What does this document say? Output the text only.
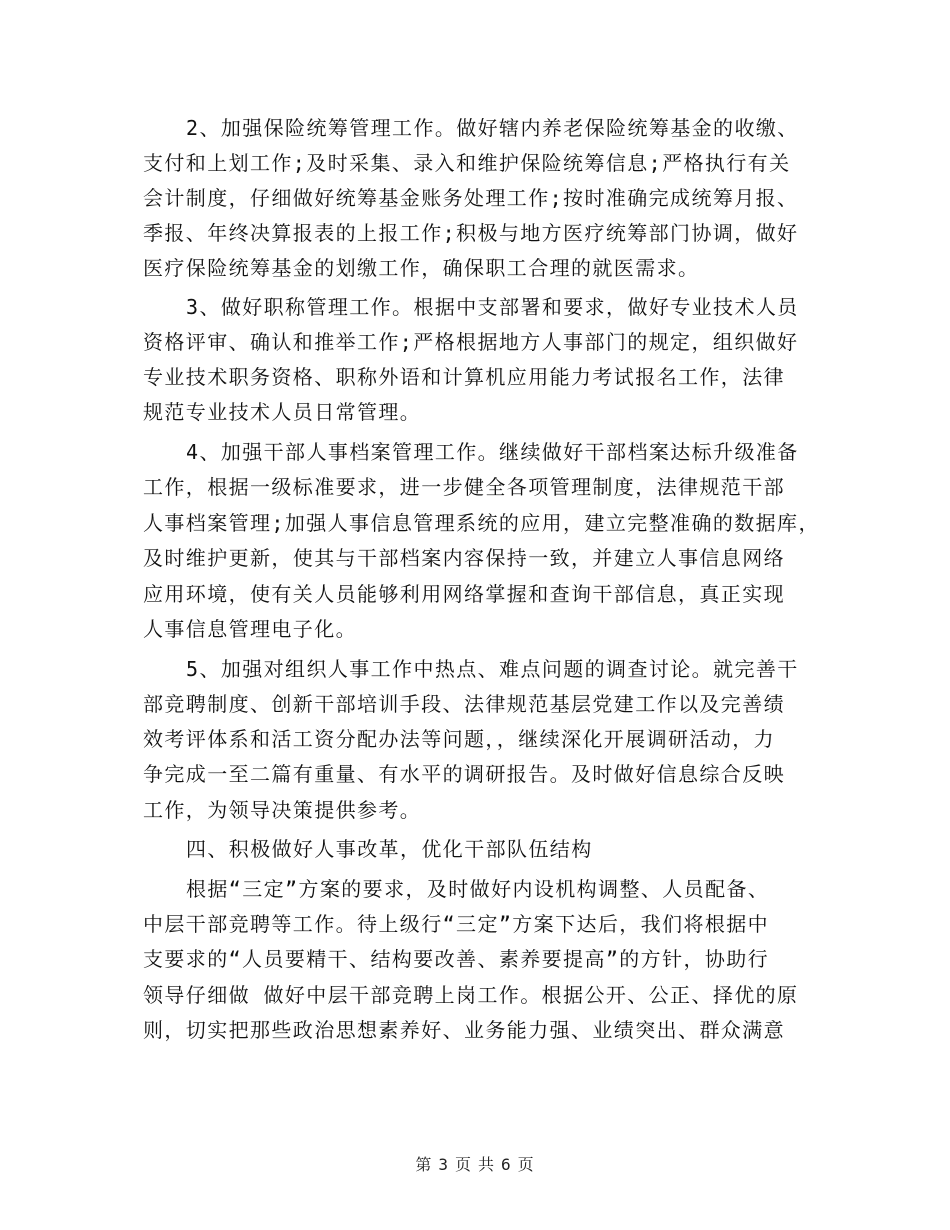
2、加强保险统筹管理工作。做好辖内养老保险统筹基金的收缴、
支付和上划工作;及时采集、录入和维护保险统筹信息;严格执行有关
会计制度，仔细做好统筹基金账务处理工作;按时准确完成统筹月报、
季报、年终决算报表的上报工作;积极与地方医疗统筹部门协调，做好
医疗保险统筹基金的划缴工作，确保职工合理的就医需求。
3、做好职称管理工作。根据中支部署和要求，做好专业技术人员
资格评审、确认和推举工作;严格根据地方人事部门的规定，组织做好
专业技术职务资格、职称外语和计算机应用能力考试报名工作，法律
规范专业技术人员日常管理。
4、加强干部人事档案管理工作。继续做好干部档案达标升级准备
工作，根据一级标准要求，进一步健全各项管理制度，法律规范干部
人事档案管理;加强人事信息管理系统的应用，建立完整准确的数据库，
及时维护更新，使其与干部档案内容保持一致，并建立人事信息网络
应用环境，使有关人员能够利用网络掌握和查询干部信息，真正实现
人事信息管理电子化。
5、加强对组织人事工作中热点、难点问题的调查讨论。就完善干
部竞聘制度、创新干部培训手段、法律规范基层党建工作以及完善绩
效考评体系和活工资分配办法等问题，，继续深化开展调研活动，力
争完成一至二篇有重量、有水平的调研报告。及时做好信息综合反映
工作，为领导决策提供参考。
四、积极做好人事改革，优化干部队伍结构
根据“三定”方案的要求，及时做好内设机构调整、人员配备、
中层干部竞聘等工作。待上级行“三定”方案下达后，我们将根据中
支要求的“人员要精干、结构要改善、素养要提高”的方针，协助行
领导仔细做 做好中层干部竞聘上岗工作。根据公开、公正、择优的原
则，切实把那些政治思想素养好、业务能力强、业绩突出、群众满意
第 3 页 共 6 页
